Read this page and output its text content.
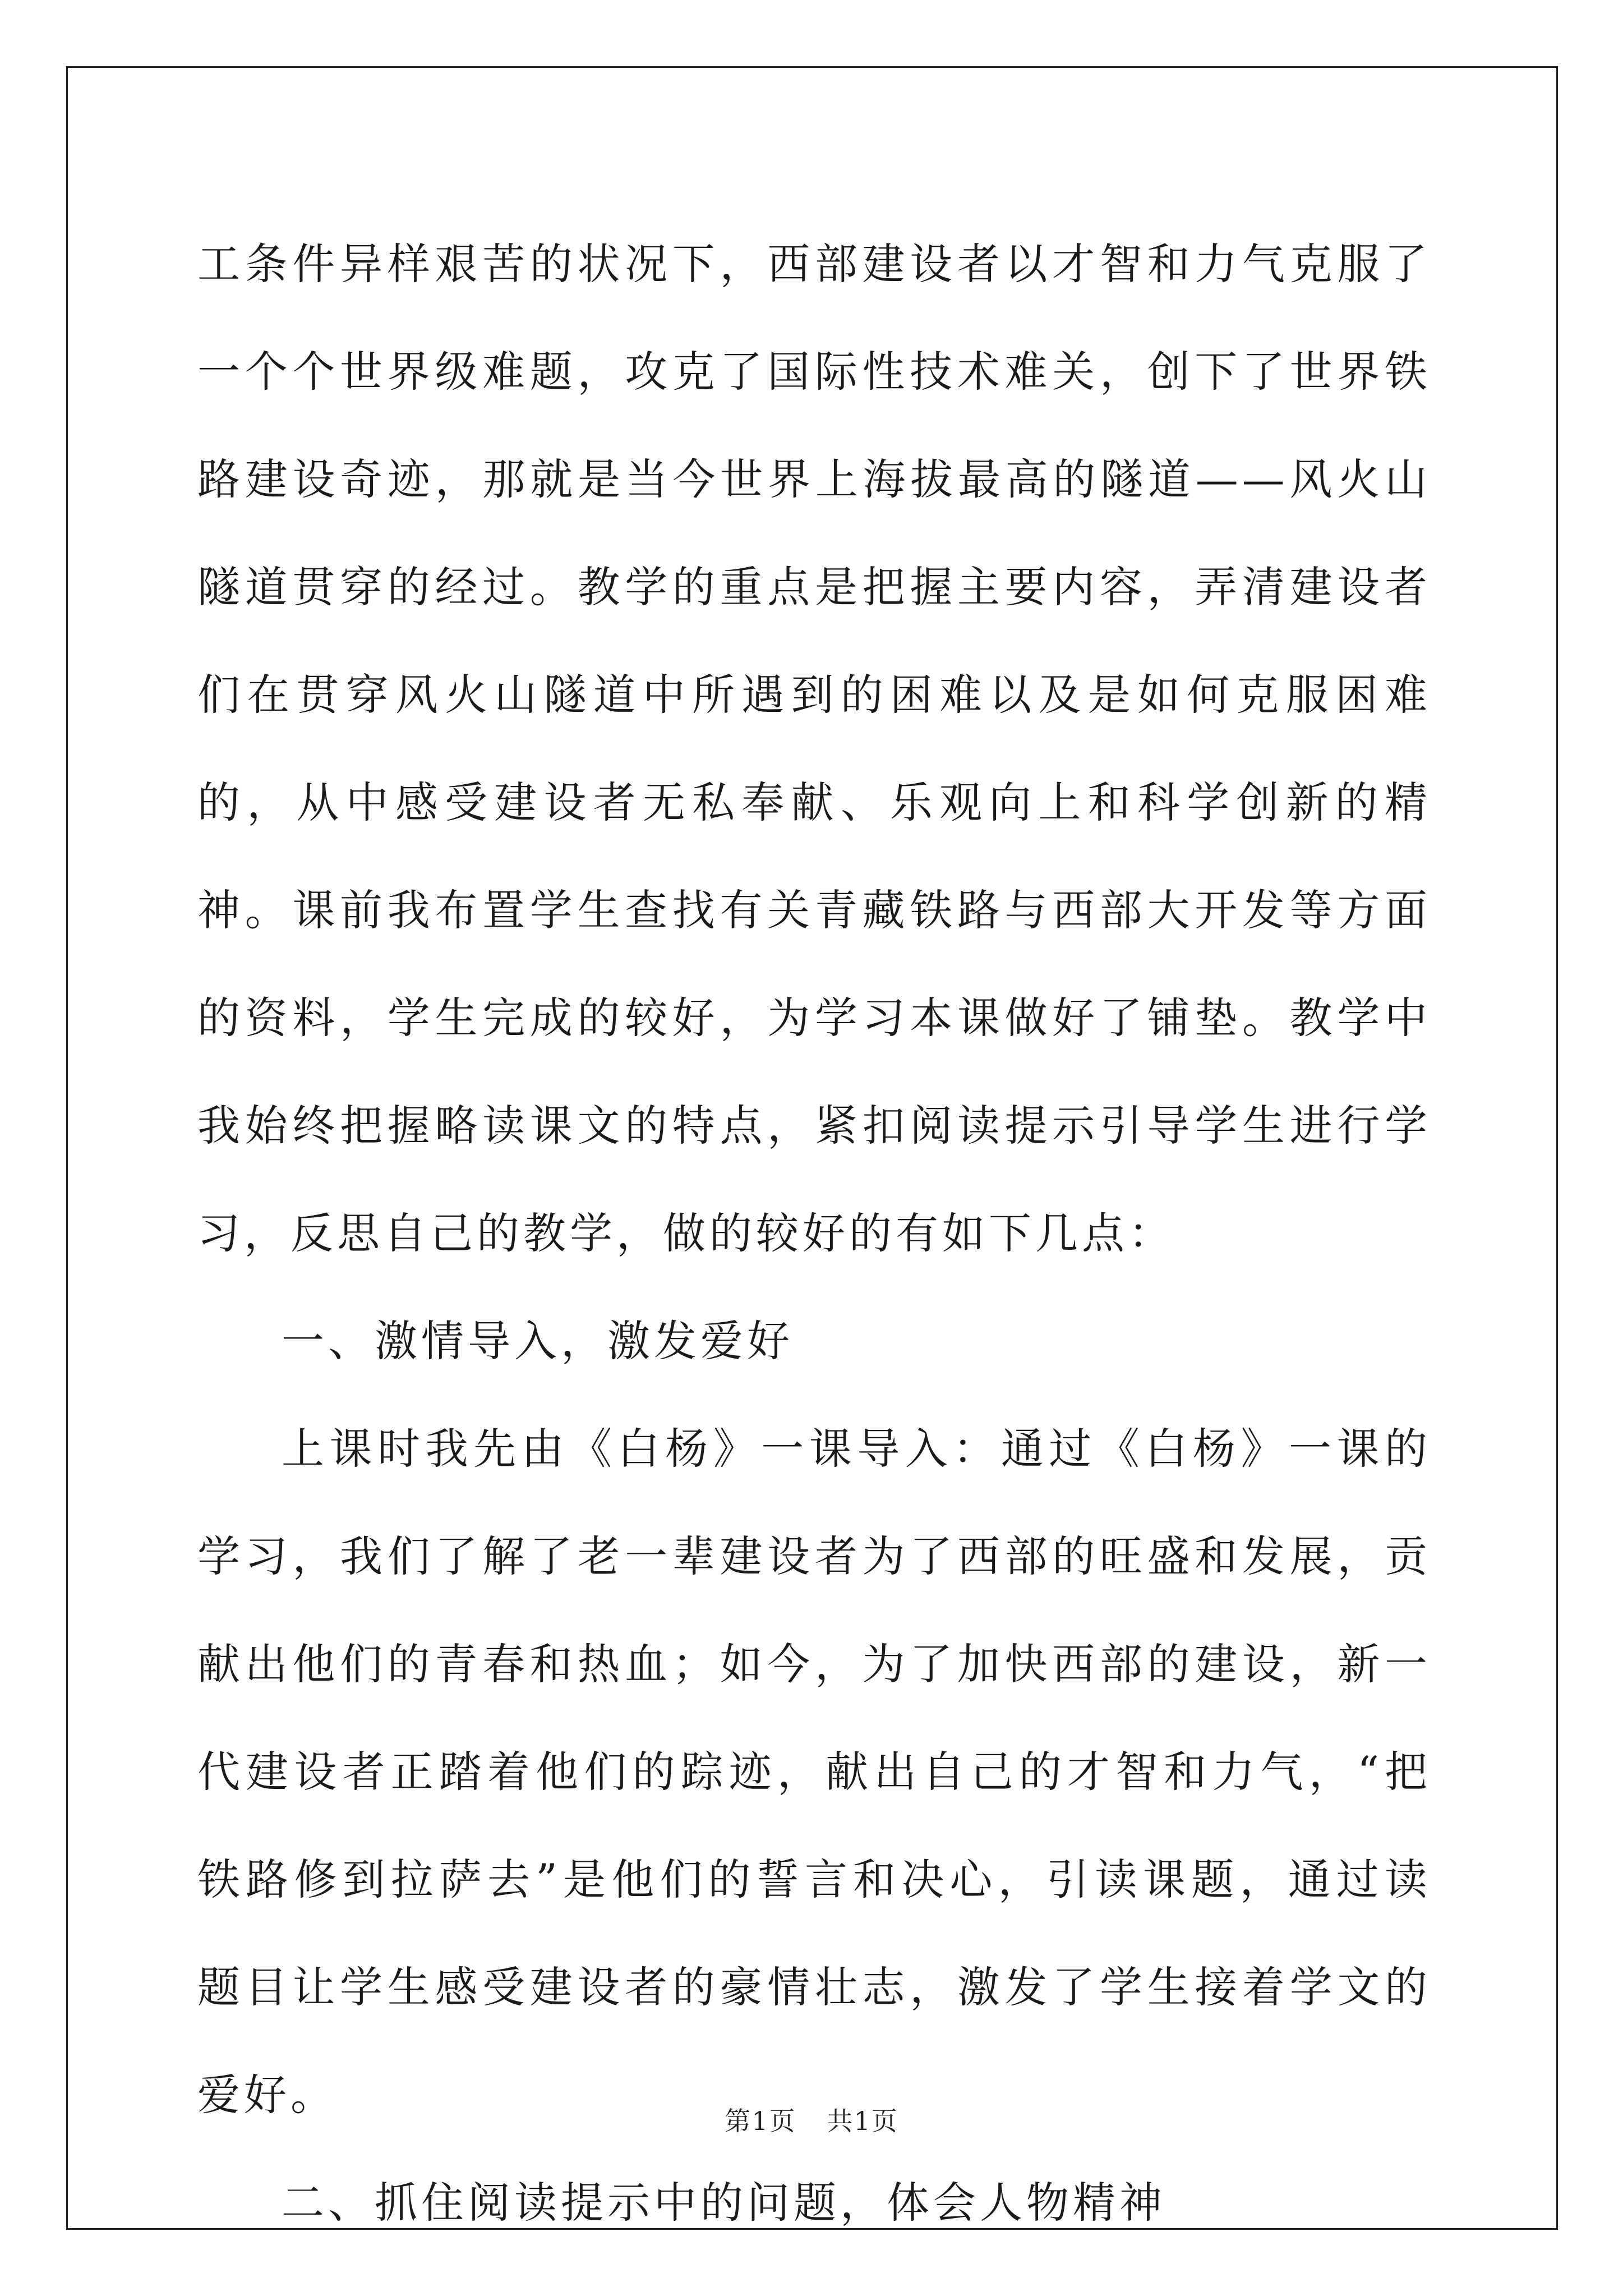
工条件异样艰苦的状况下，西部建设者以才智和力气克服了一个个世界级难题，攻克了国际性技术难关，创下了世界铁路建设奇迹，那就是当今世界上海拔最高的隧道——风火山隧道贯穿的经过。教学的重点是把握主要内容，弄清建设者们在贯穿风火山隧道中所遇到的困难以及是如何克服困难的，从中感受建设者无私奉献、乐观向上和科学创新的精神。课前我布置学生查找有关青藏铁路与西部大开发等方面的资料，学生完成的较好，为学习本课做好了铺垫。教学中我始终把握略读课文的特点，紧扣阅读提示引导学生进行学习，反思自己的教学，做的较好的有如下几点：

一、激情导入，激发爱好

上课时我先由《白杨》一课导入：通过《白杨》一课的学习，我们了解了老一辈建设者为了西部的旺盛和发展，贡献出他们的青春和热血；如今，为了加快西部的建设，新一代建设者正踏着他们的踪迹，献出自己的才智和力气，“把铁路修到拉萨去”是他们的誓言和决心，引读课题，通过读题目让学生感受建设者的豪情壮志，激发了学生接着学文的爱好。

二、抓住阅读提示中的问题，体会人物精神

第1页 共1页
